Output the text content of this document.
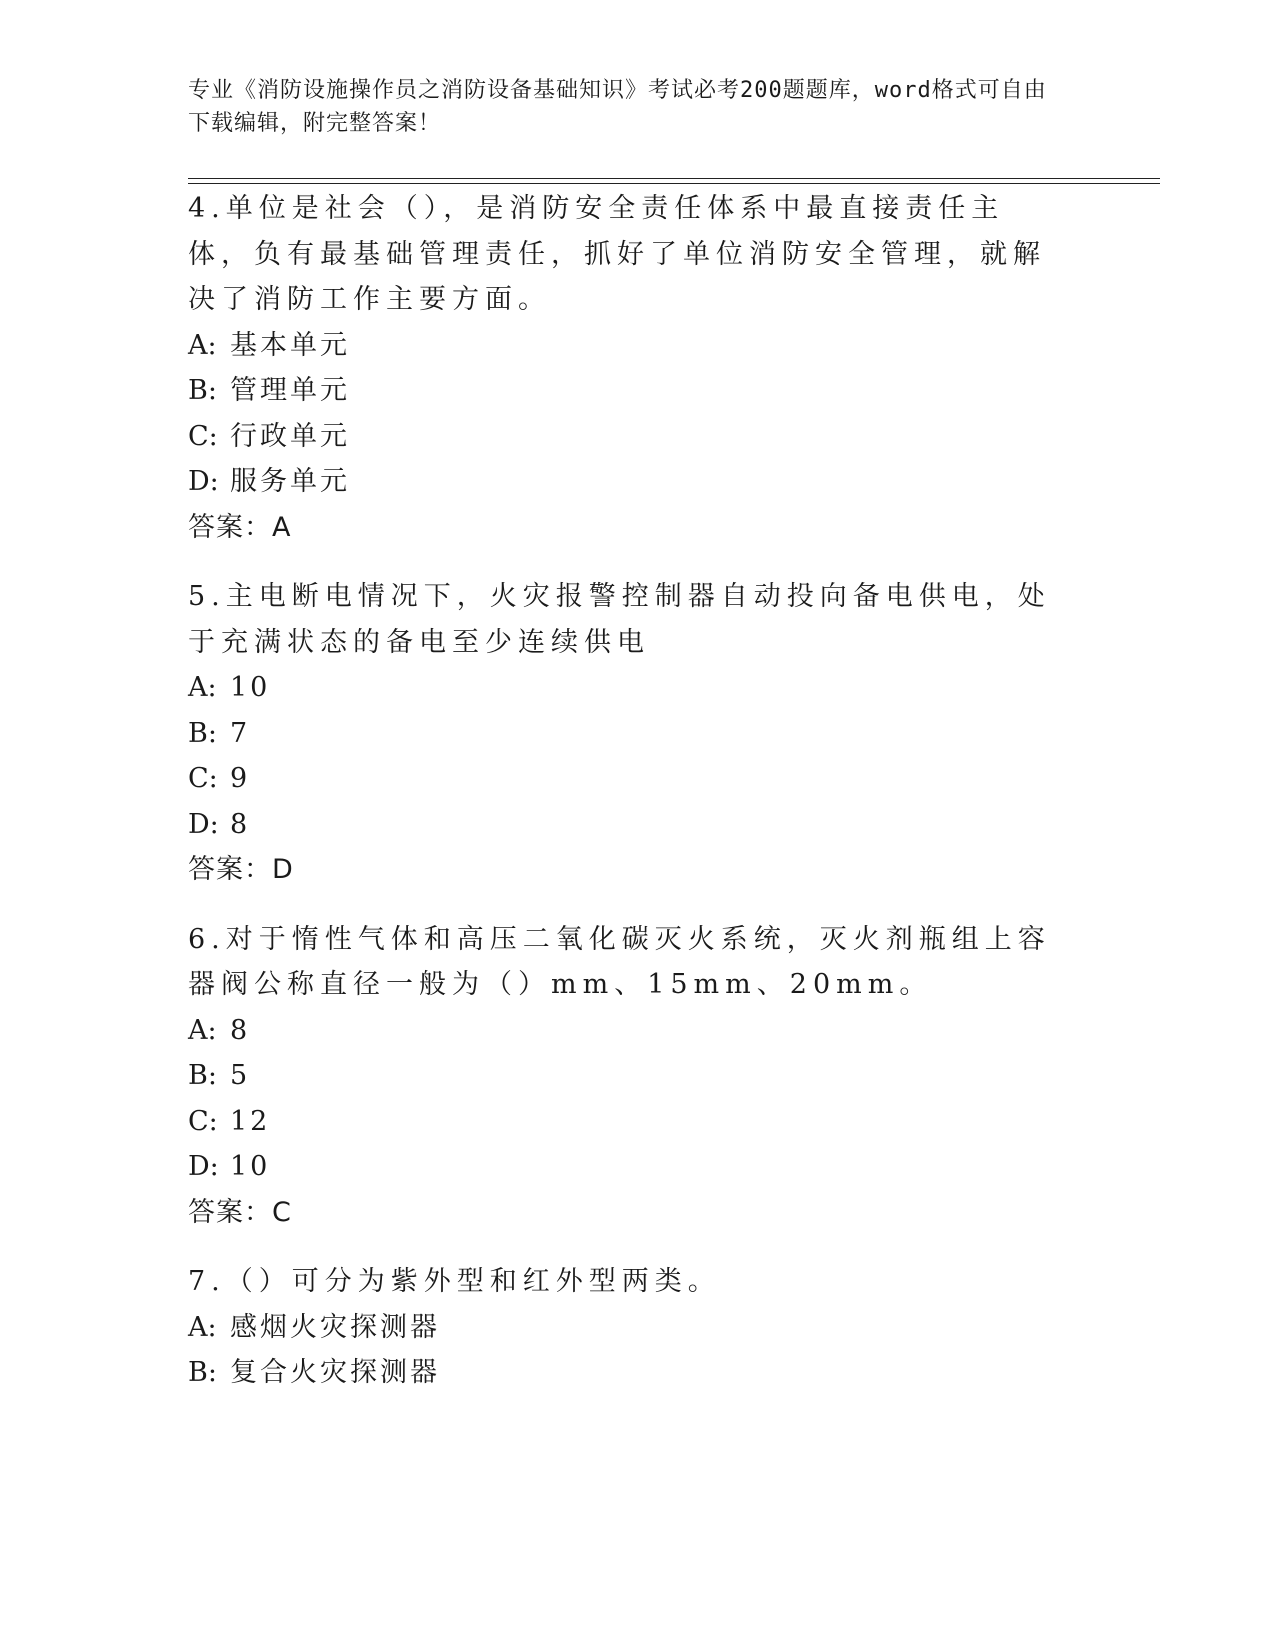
专业《消防设施操作员之消防设备基础知识》考试必考200题题库，word格式可自由下载编辑，附完整答案！

4.单位是社会（），是消防安全责任体系中最直接责任主体，负有最基础管理责任，抓好了单位消防安全管理，就解决了消防工作主要方面。

A: 基本单元
B: 管理单元
C: 行政单元
D: 服务单元

答案：A

5.主电断电情况下，火灾报警控制器自动投向备电供电，处于充满状态的备电至少连续供电

A: 10
B: 7
C: 9
D: 8

答案：D

6.对于惰性气体和高压二氧化碳灭火系统，灭火剂瓶组上容器阀公称直径一般为（）mm、15mm、20mm。

A: 8
B: 5
C: 12
D: 10

答案：C

7.（）可分为紫外型和红外型两类。

A: 感烟火灾探测器
B: 复合火灾探测器
